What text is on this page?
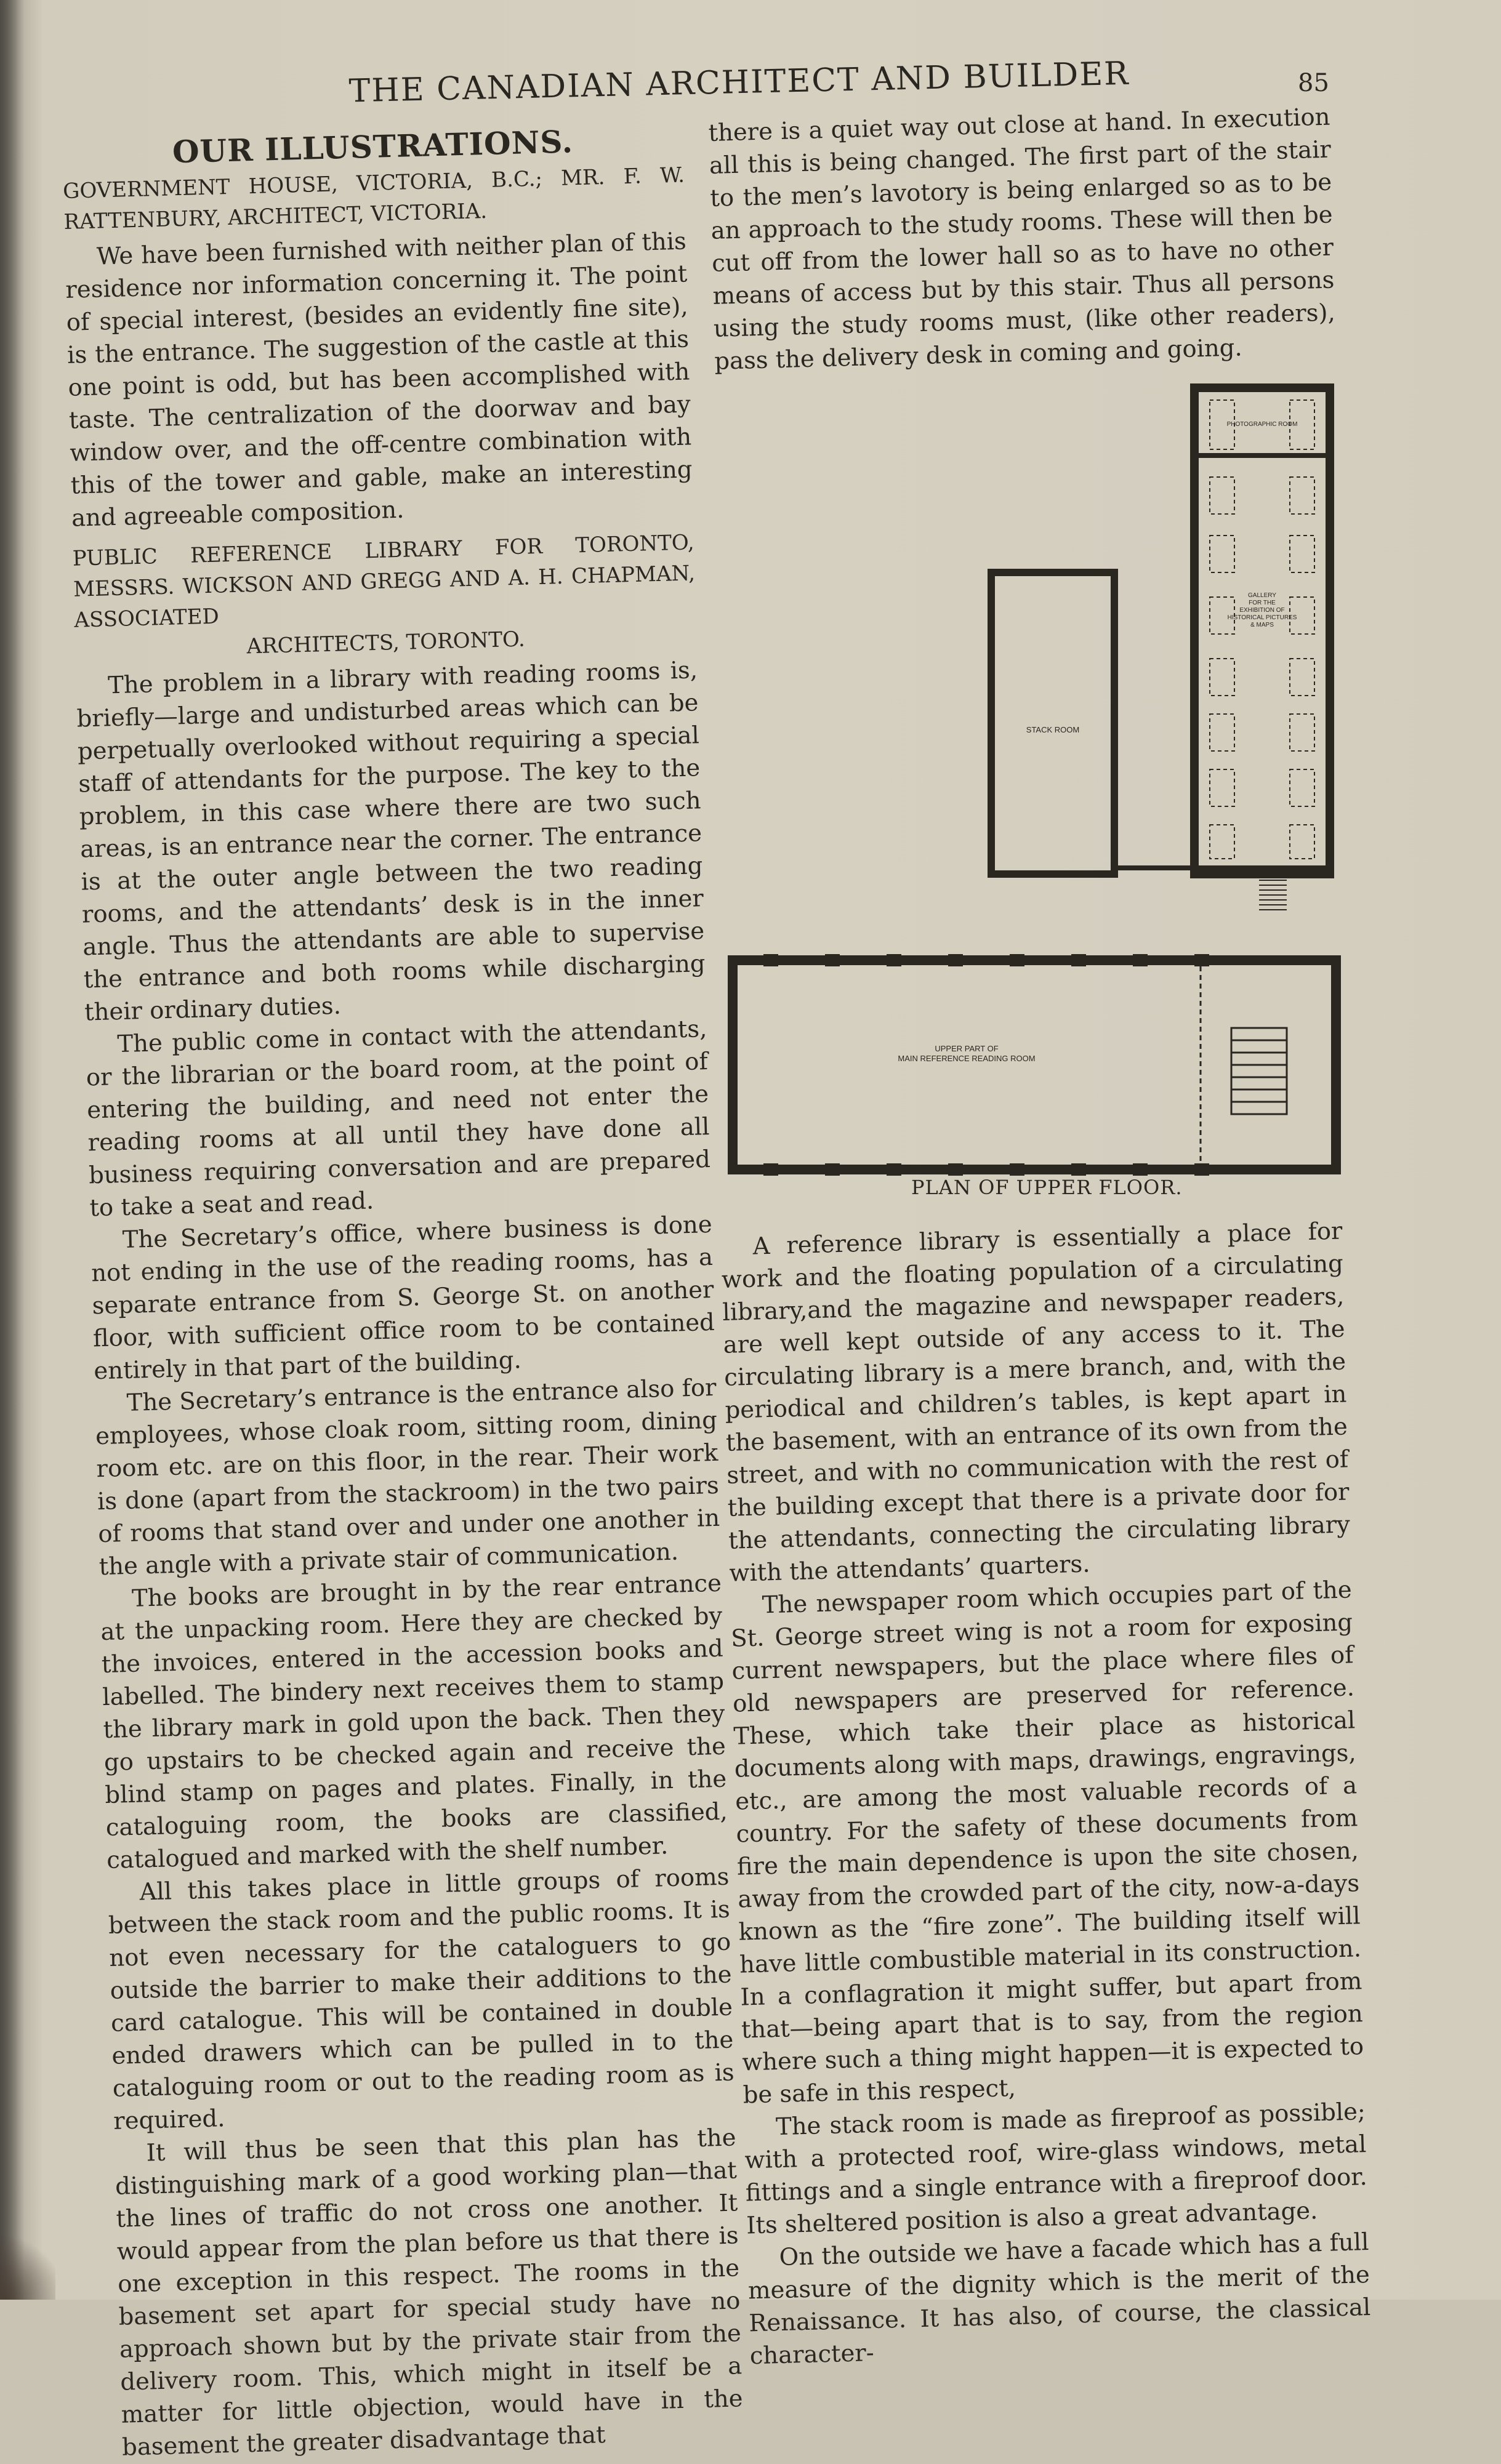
THE CANADIAN ARCHITECT AND BUILDER	85
OUR ILLUSTRATIONS.
GOVERNMENT HOUSE, VICTORIA, B.C.; MR. F. W. RATTENBURY, ARCHITECT, VICTORIA.

We have been furnished with neither plan of this residence nor information concerning it. The point of special interest, (besides an evidently fine site), is the entrance. The suggestion of the castle at this one point is odd, but has been accomplished with taste. The centralization of the doorwav and bay window over, and the off-centre combination with this of the tower and gable, make an interesting and agreeable composition.

PUBLIC REFERENCE LIBRARY FOR TORONTO, MESSRS. WICKSON AND GREGG AND A. H. CHAPMAN, ASSOCIATED
ARCHITECTS, TORONTO.

The problem in a library with reading rooms is, briefly—large and undisturbed areas which can be perpetually overlooked without requiring a special staff of attendants for the purpose. The key to the problem, in this case where there are two such areas, is an entrance near the corner. The entrance is at the outer angle between the two reading rooms, and the attendants’ desk is in the inner angle. Thus the attendants are able to supervise the entrance and both rooms while discharging their ordinary duties.

The public come in contact with the attendants, or the librarian or the board room, at the point of entering the building, and need not enter the reading rooms at all until they have done all business requiring conversation and are prepared to take a seat and read.

The Secretary’s office, where business is done not ending in the use of the reading rooms, has a separate entrance from S. George St. on another floor, with sufficient office room to be contained entirely in that part of the building.

The Secretary’s entrance is the entrance also for employees, whose cloak room, sitting room, dining room etc. are on this floor, in the rear. Their work is done (apart from the stackroom) in the two pairs of rooms that stand over and under one another in the angle with a private stair of communication.

The books are brought in by the rear entrance at the unpacking room. Here they are checked by the invoices, entered in the accession books and labelled. The bindery next receives them to stamp the library mark in gold upon the back. Then they go upstairs to be checked again and receive the blind stamp on pages and plates. Finally, in the cataloguing room, the books are classified, catalogued and marked with the shelf number.

All this takes place in little groups of rooms between the stack room and the public rooms. It is not even necessary for the cataloguers to go outside the barrier to make their additions to the card catalogue. This will be contained in double ended drawers which can be pulled in to the cataloguing room or out to the reading room as is required.

It will thus be seen that this plan has the distinguishing mark of a good working plan—that the lines of traffic do not cross one another. It would appear from the plan before us that there is one exception in this respect. The rooms in the basement set apart for special study have no approach shown but by the private stair from the delivery room. This, which might in itself be a matter for little objection, would have in the basement the greater disadvantage that

there is a quiet way out close at hand. In execution all this is being changed. The first part of the stair to the men’s lavotory is being enlarged so as to be an approach to the study rooms. These will then be cut off from the lower hall so as to have no other means of access but by this stair. Thus all persons using the study rooms must, (like other readers), pass the delivery desk in coming and going.

PHOTOGRAPHIC ROOM
GALLERY
FOR THE
EXHIBITION OF
HISTORICAL PICTURES
& MAPS
STACK ROOM
UPPER PART OF
MAIN REFERENCE READING ROOM
PLAN OF UPPER FLOOR.

A reference library is essentially a place for work and the floating population of a circulating library,and the magazine and newspaper readers, are well kept outside of any access to it. The circulating library is a mere branch, and, with the periodical and children’s tables, is kept apart in the basement, with an entrance of its own from the street, and with no communication with the rest of the building except that there is a private door for the attendants, connecting the circulating library with the attendants’ quarters.

The newspaper room which occupies part of the St. George street wing is not a room for exposing current newspapers, but the place where files of old newspapers are preserved for reference. These, which take their place as historical documents along with maps, drawings, engravings, etc., are among the most valuable records of a country. For the safety of these documents from fire the main dependence is upon the site chosen, away from the crowded part of the city, now-a-days known as the “fire zone”. The building itself will have little combustible material in its construction. In a conflagration it might suffer, but apart from that—being apart that is to say, from the region where such a thing might happen—it is expected to be safe in this respect,

The stack room is made as fireproof as possible; with a protected roof, wire-glass windows, metal fittings and a single entrance with a fireproof door. Its sheltered position is also a great advantage.

On the outside we have a facade which has a full measure of the dignity which is the merit of the Renaissance. It has also, of course, the classical character-
